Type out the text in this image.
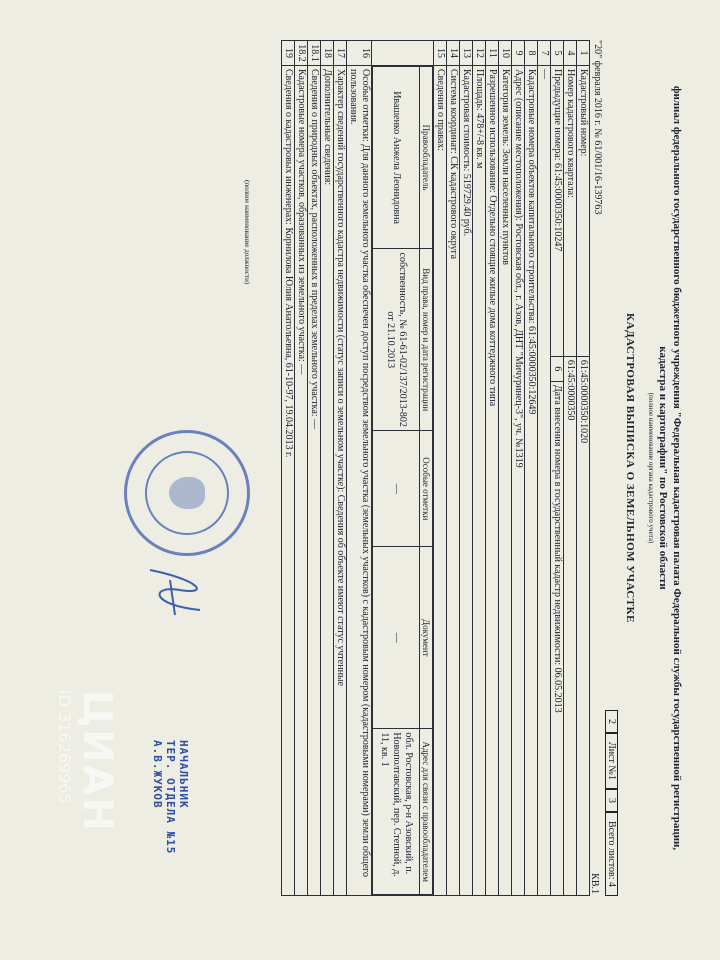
филиал федерального государственного бюджетного учреждения "Федеральная кадастровая палата Федеральной службы государственной регистрации,
кадастра и картографии" по Ростовской области
(полное наименование органа кадастрового учета)
КВ.1
КАДАСТРОВАЯ ВЫПИСКА О ЗЕМЕЛЬНОМ УЧАСТКЕ
2
Лист №1
3
Всего листов: 4
"20" февраля 2016 г. № 61/001/16-139763
1	Кадастровый номер:	61:45:0000350:1020
4	Номер кадастрового квартала:	61:45:0000350
5	Предыдущие номера: 61:45:0000350:10247	6	Дата внесения номера в государственный кадастр недвижимости: 06.05.2013
7	—
8	Кадастровые номера объектов капитального строительства: 61:45:0000350:12649
9	Адрес (описание местоположения): Ростовская обл., г. Азов, ДНТ "Мичуринец-3", уч. №1319
10	Категория земель: Земли населенных пунктов
11	Разрешенное использование: Отдельно стоящие жилые дома коттеджного типа
12	Площадь: 478+/-8 кв. м
13	Кадастровая стоимость: 519729.40 руб.
14	Система координат: СК кадастрового округа
15	Сведения о правах:

Правообладатель	Вид права, номер и дата регистрации	Особые отметки	Документ	Адрес для связи с правообладателем
Ивашенко Анжела Леонидовна	собственность, № 61-61-02/137/2013-802 от 21.10.2013	—	—	обл. Ростовская, р-н Азовский, п. Новополтавский, пер. Степной, д. 11, кв. 1

16	Особые отметки: Для данного земельного участка обеспечен доступ посредством земельного участка (земельных участков) с кадастровым номером (кадастровыми номерами) земли общего пользования.
17	Характер сведений государственного кадастра недвижимости (статус записи о земельном участке): Сведения об объекте имеют статус учтенные
18	Дополнительные сведения:
18.1	Сведения о природных объектах, расположенных в пределах земельного участка: —
18.2	Кадастровые номера участков, образованных из земельного участка: —
19	Сведения о кадастровых инженерах: Корнилова Юлия Анатольевна, 61-10-97, 19.04.2013 г.
(полное наименование должности)
НАЧАЛЬНИК
ТЕР. ОТДЕЛА №15
А.В.ЖУКОВ
ЦИАН
ID 316269965
